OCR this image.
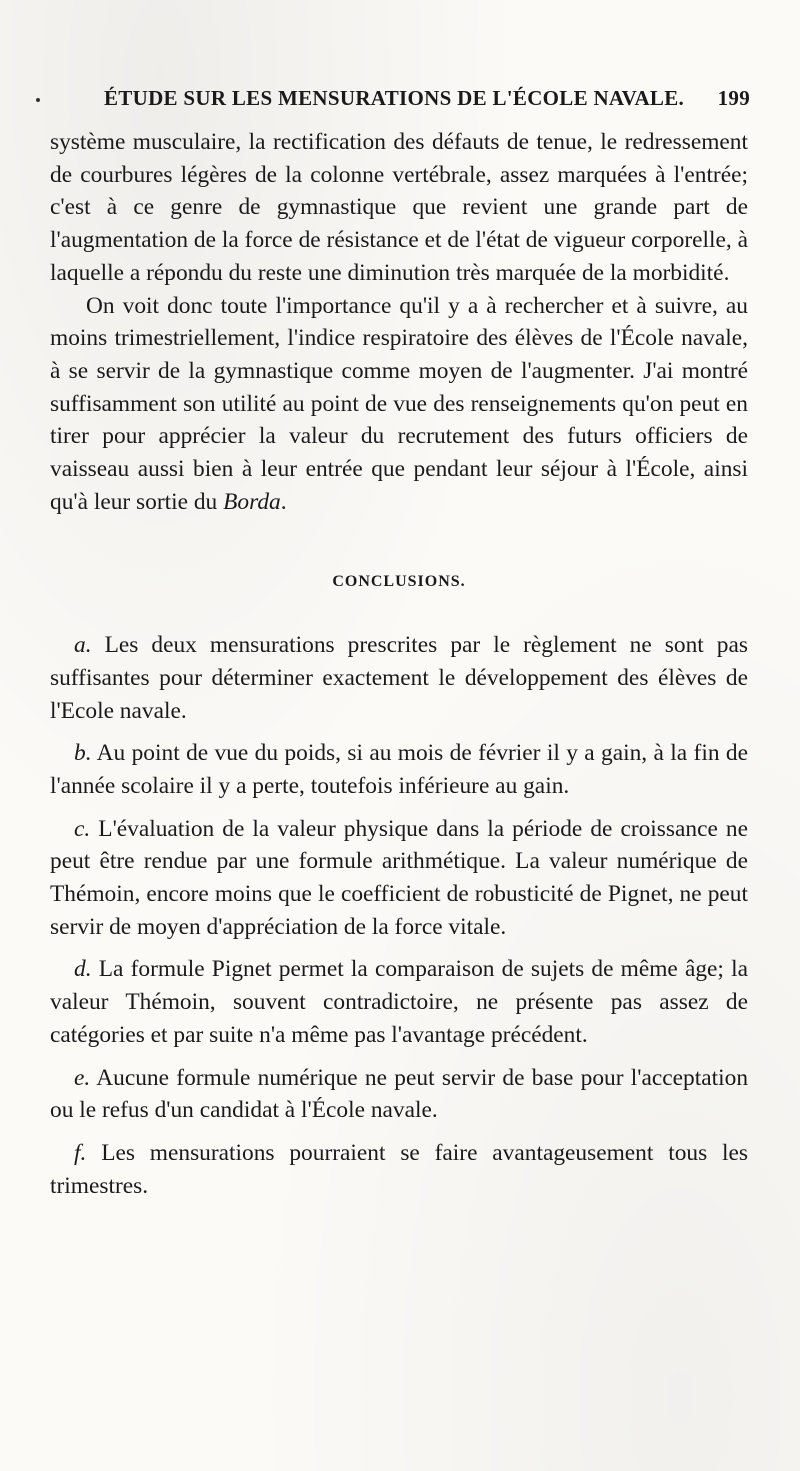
ÉTUDE SUR LES MENSURATIONS DE L'ÉCOLE NAVALE. 199

système musculaire, la rectification des défauts de tenue, le redressement de courbures légères de la colonne vertébrale, assez marquées à l'entrée; c'est à ce genre de gymnastique que revient une grande part de l'augmentation de la force de résistance et de l'état de vigueur corporelle, à laquelle a répondu du reste une diminution très marquée de la morbidité.

On voit donc toute l'importance qu'il y a à rechercher et à suivre, au moins trimestriellement, l'indice respiratoire des élèves de l'École navale, à se servir de la gymnastique comme moyen de l'augmenter. J'ai montré suffisamment son utilité au point de vue des renseignements qu'on peut en tirer pour apprécier la valeur du recrutement des futurs officiers de vaisseau aussi bien à leur entrée que pendant leur séjour à l'École, ainsi qu'à leur sortie du Borda.

CONCLUSIONS.

a. Les deux mensurations prescrites par le règlement ne sont pas suffisantes pour déterminer exactement le développement des élèves de l'Ecole navale.

b. Au point de vue du poids, si au mois de février il y a gain, à la fin de l'année scolaire il y a perte, toutefois inférieure au gain.

c. L'évaluation de la valeur physique dans la période de croissance ne peut être rendue par une formule arithmétique. La valeur numérique de Thémoin, encore moins que le coefficient de robusticité de Pignet, ne peut servir de moyen d'appréciation de la force vitale.

d. La formule Pignet permet la comparaison de sujets de même âge; la valeur Thémoin, souvent contradictoire, ne présente pas assez de catégories et par suite n'a même pas l'avantage précédent.

e. Aucune formule numérique ne peut servir de base pour l'acceptation ou le refus d'un candidat à l'École navale.

f. Les mensurations pourraient se faire avantageusement tous les trimestres.
